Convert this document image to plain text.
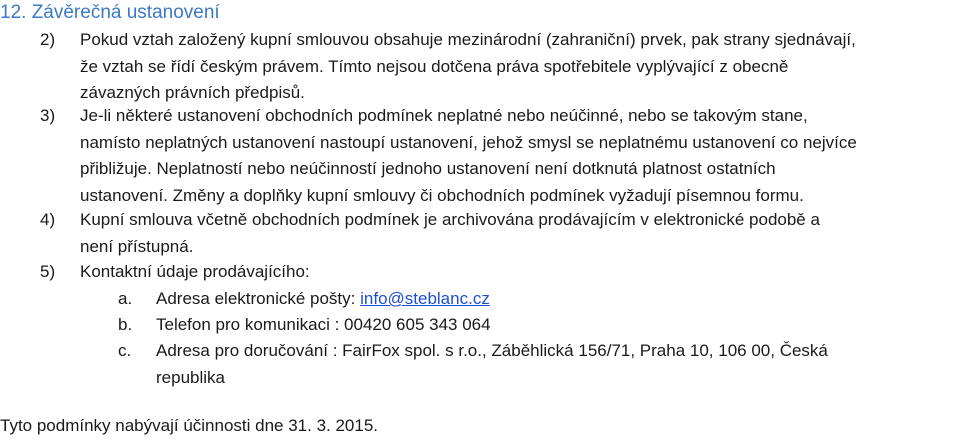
12. Závěrečná ustanovení
2)	Pokud vztah založený kupní smlouvou obsahuje mezinárodní (zahraniční) prvek, pak strany sjednávají,
že vztah se řídí českým právem. Tímto nejsou dotčena práva spotřebitele vyplývající z obecně
závazných právních předpisů.
3)	Je-li některé ustanovení obchodních podmínek neplatné nebo neúčinné, nebo se takovým stane,
namísto neplatných ustanovení nastoupí ustanovení, jehož smysl se neplatnému ustanovení co nejvíce
přibližuje. Neplatností nebo neúčinností jednoho ustanovení není dotknutá platnost ostatních
ustanovení. Změny a doplňky kupní smlouvy či obchodních podmínek vyžadují písemnou formu.
4)	Kupní smlouva včetně obchodních podmínek je archivována prodávajícím v elektronické podobě a
není přístupná.
5)	Kontaktní údaje prodávajícího:
a.	Adresa elektronické pošty: info@steblanc.cz
b.	Telefon pro komunikaci : 00420 605 343 064
c.	Adresa pro doručování : FairFox spol. s r.o., Záběhlická 156/71, Praha 10, 106 00, Česká
republika
Tyto podmínky nabývají účinnosti dne 31. 3. 2015.
